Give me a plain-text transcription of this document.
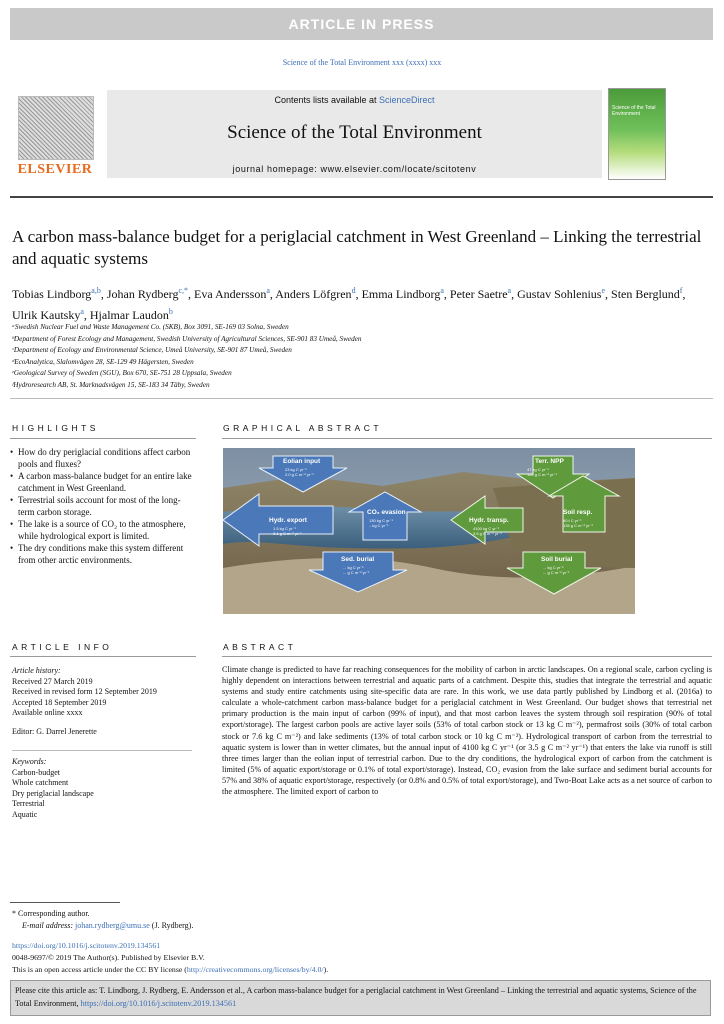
ARTICLE IN PRESS
Science of the Total Environment xxx (xxxx) xxx
ELSEVIER
Contents lists available at ScienceDirect
Science of the Total Environment
journal homepage: www.elsevier.com/locate/scitotenv
Science of the Total Environment
A carbon mass-balance budget for a periglacial catchment in West Greenland – Linking the terrestrial and aquatic systems
Tobias Lindborg$^{a,b}$, Johan Rydberg$^{c,*}$, Eva Andersson$^a$, Anders Löfgren$^d$, Emma Lindborg$^a$, Peter Saetre$^a$, Gustav Sohlenius$^e$, Sten Berglund$^f$, Ulrik Kautsky$^a$, Hjalmar Laudon$^b$
ᵃSwedish Nuclear Fuel and Waste Management Co. (SKB), Box 3091, SE-169 03 Solna, Sweden
ᵇDepartment of Forest Ecology and Management, Swedish University of Agricultural Sciences, SE-901 83 Umeå, Sweden
ᶜDepartment of Ecology and Environmental Science, Umeå University, SE-901 87 Umeå, Sweden
ᵈEcoAnalytica, Slalomvägen 28, SE-129 49 Hägersten, Sweden
ᵉGeological Survey of Sweden (SGU), Box 670, SE-751 28 Uppsala, Sweden
ᶠHydroresearch AB, St. Marknadsvägen 15, SE-183 34 Täby, Sweden
HIGHLIGHTS
• How do dry periglacial conditions affect carbon pools and fluxes?
• A carbon mass-balance budget for an entire lake catchment in West Greenland.
• Terrestrial soils account for most of the long-term carbon storage.
• The lake is a source of CO₂ to the atmosphere, while hydrological export is limited.
• The dry conditions make this system different from other arctic environments.
GRAPHICAL ABSTRACT
Eolian input
23 kg C yr⁻¹
2.0 g C m⁻² yr⁻¹
Terr. NPP
47 kg C yr⁻¹
150 g C m⁻² yr⁻¹
CO₂ evasion
130 kg C yr⁻¹
...kg C yr⁻¹
Hydr. export
1.5 kg C yr⁻¹
0.1 g C m⁻² yr⁻¹
Hydr. transp.
4100 kg C yr⁻¹
3.5 g C m⁻² yr⁻¹
Soil resp.
90 t C yr⁻¹
135 g C m⁻² yr⁻¹
Sed. burial
... kg C yr⁻¹
... g C m⁻² yr⁻¹
Soil burial
... kg C yr⁻¹
... g C m⁻² yr⁻¹
ARTICLE INFO
Article history:
Received 27 March 2019
Received in revised form 12 September 2019
Accepted 18 September 2019
Available online xxxx
Editor: G. Darrel Jenerette
Keywords:
Carbon-budget
Whole catchment
Dry periglacial landscape
Terrestrial
Aquatic
ABSTRACT
Climate change is predicted to have far reaching consequences for the mobility of carbon in arctic landscapes. On a regional scale, carbon cycling is highly dependent on interactions between terrestrial and aquatic parts of a catchment. Despite this, studies that integrate the terrestrial and aquatic systems and study entire catchments using site-specific data are rare. In this work, we use data partly published by Lindborg et al. (2016a) to calculate a whole-catchment carbon mass-balance budget for a periglacial catchment in West Greenland. Our budget shows that terrestrial net primary production is the main input of carbon (99% of input), and that most carbon leaves the system through soil respiration (90% of total export/storage). The largest carbon pools are active layer soils (53% of total carbon stock or 13 kg C m⁻²), permafrost soils (30% of total carbon stock or 7.6 kg C m⁻²) and lake sediments (13% of total carbon stock or 10 kg C m⁻²). Hydrological transport of carbon from the terrestrial to aquatic system is lower than in wetter climates, but the annual input of 4100 kg C yr⁻¹ (or 3.5 g C m⁻² yr⁻¹) that enters the lake via runoff is still three times larger than the eolian input of terrestrial carbon. Due to the dry conditions, the hydrological export of carbon from the catchment is limited (5% of aquatic export/storage or 0.1% of total export/storage). Instead, CO₂ evasion from the lake surface and sediment burial accounts for 57% and 38% of aquatic export/storage, respectively (or 0.8% and 0.5% of total export/storage), and Two-Boat Lake acts as a net source of carbon to the atmosphere. The limited export of carbon to
* Corresponding author.
E-mail address: johan.rydberg@umu.se (J. Rydberg).
https://doi.org/10.1016/j.scitotenv.2019.134561
0048-9697/© 2019 The Author(s). Published by Elsevier B.V.
This is an open access article under the CC BY license (http://creativecommons.org/licenses/by/4.0/).
Please cite this article as: T. Lindborg, J. Rydberg, E. Andersson et al., A carbon mass-balance budget for a periglacial catchment in West Greenland – Linking the terrestrial and aquatic systems, Science of the Total Environment, https://doi.org/10.1016/j.scitotenv.2019.134561
